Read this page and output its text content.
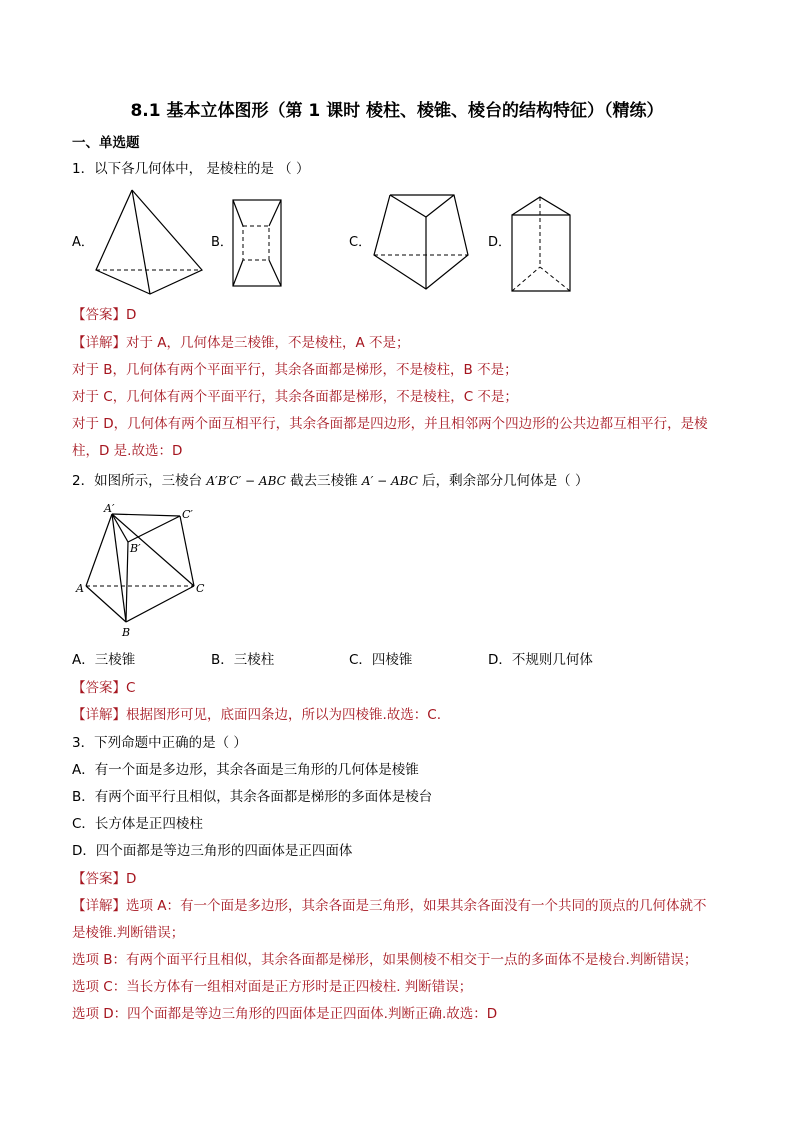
8.1 基本立体图形（第 1 课时 棱柱、棱锥、棱台的结构特征）（精练）
一、单选题
1．以下各几何体中， 是棱柱的是 （ ）
A．	B．	C．	D．
【答案】D
【详解】对于 A，几何体是三棱锥，不是棱柱，A 不是；
对于 B，几何体有两个平面平行，其余各面都是梯形，不是棱柱，B 不是；
对于 C，几何体有两个平面平行，其余各面都是梯形，不是棱柱，C 不是；
对于 D，几何体有两个面互相平行，其余各面都是四边形，并且相邻两个四边形的公共边都互相平行，是棱
柱，D 是.故选：D
2．如图所示，三棱台 A′B′C′ − ABC 截去三棱锥 A′ − ABC 后，剩余部分几何体是（ ）
A′	C′
B′
A	C
B
A．三棱锥	B．三棱柱	C．四棱锥	D．不规则几何体
【答案】C
【详解】根据图形可见，底面四条边，所以为四棱锥.故选：C.
3．下列命题中正确的是（ ）
A．有一个面是多边形，其余各面是三角形的几何体是棱锥
B．有两个面平行且相似，其余各面都是梯形的多面体是棱台
C．长方体是正四棱柱
D．四个面都是等边三角形的四面体是正四面体
【答案】D
【详解】选项 A：有一个面是多边形，其余各面是三角形，如果其余各面没有一个共同的顶点的几何体就不
是棱锥.判断错误；
选项 B：有两个面平行且相似，其余各面都是梯形，如果侧棱不相交于一点的多面体不是棱台.判断错误；
选项 C：当长方体有一组相对面是正方形时是正四棱柱. 判断错误；
选项 D：四个面都是等边三角形的四面体是正四面体.判断正确.故选：D
